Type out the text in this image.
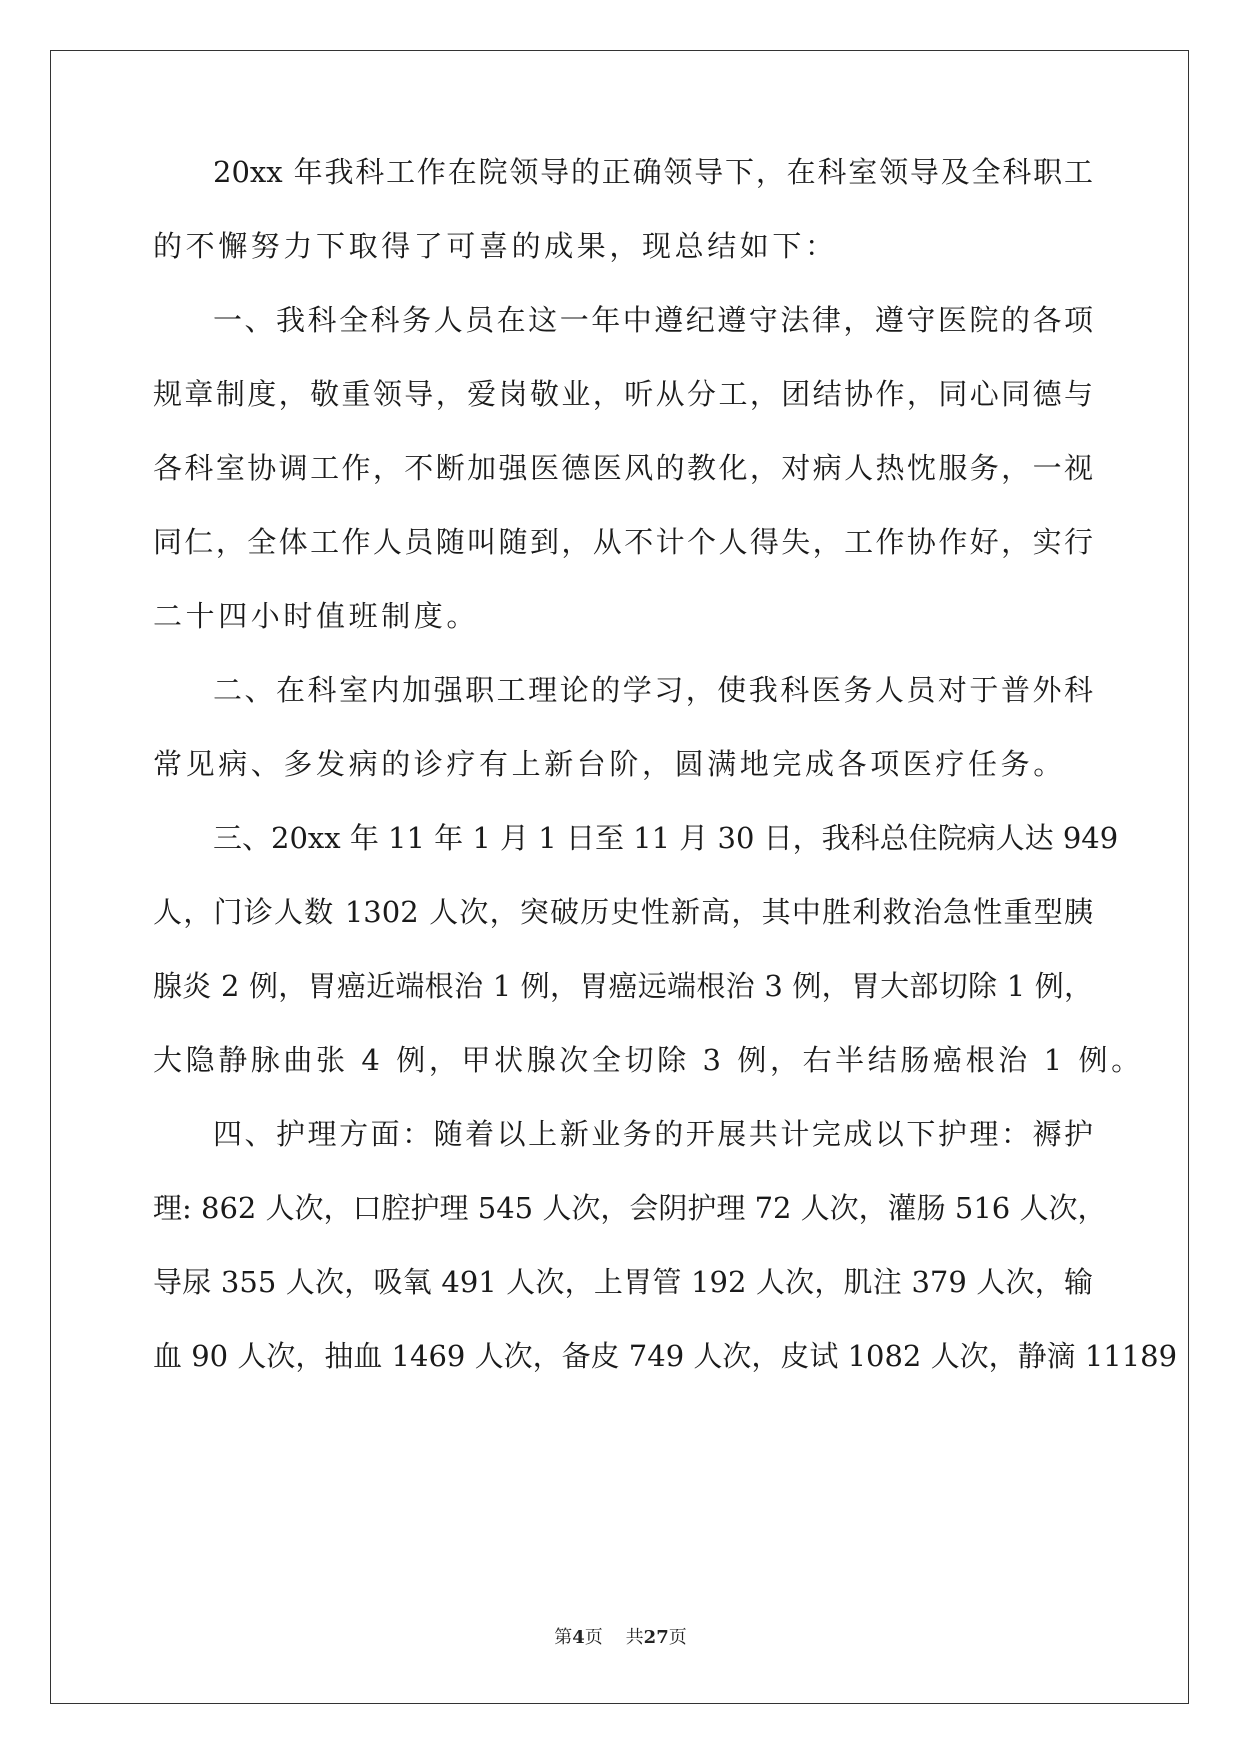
20xx 年我科工作在院领导的正确领导下，在科室领导及全科职工
的不懈努力下取得了可喜的成果，现总结如下：
一、我科全科务人员在这一年中遵纪遵守法律，遵守医院的各项
规章制度，敬重领导，爱岗敬业，听从分工，团结协作，同心同德与
各科室协调工作，不断加强医德医风的教化，对病人热忱服务，一视
同仁，全体工作人员随叫随到，从不计个人得失，工作协作好，实行
二十四小时值班制度。
二、在科室内加强职工理论的学习，使我科医务人员对于普外科
常见病、多发病的诊疗有上新台阶，圆满地完成各项医疗任务。
三、20xx 年 11 年 1 月 1 日至 11 月 30 日，我科总住院病人达 949
人，门诊人数 1302 人次，突破历史性新高，其中胜利救治急性重型胰
腺炎 2 例，胃癌近端根治 1 例，胃癌远端根治 3 例，胃大部切除 1 例，
大隐静脉曲张 4 例，甲状腺次全切除 3 例，右半结肠癌根治 1 例。
四、护理方面：随着以上新业务的开展共计完成以下护理：褥护
理: 862 人次，口腔护理 545 人次，会阴护理 72 人次，灌肠 516 人次，
导尿 355 人次，吸氧 491 人次，上胃管 192 人次，肌注 379 人次，输
血 90 人次，抽血 1469 人次，备皮 749 人次，皮试 1082 人次，静滴 11189
第4页 共27页
